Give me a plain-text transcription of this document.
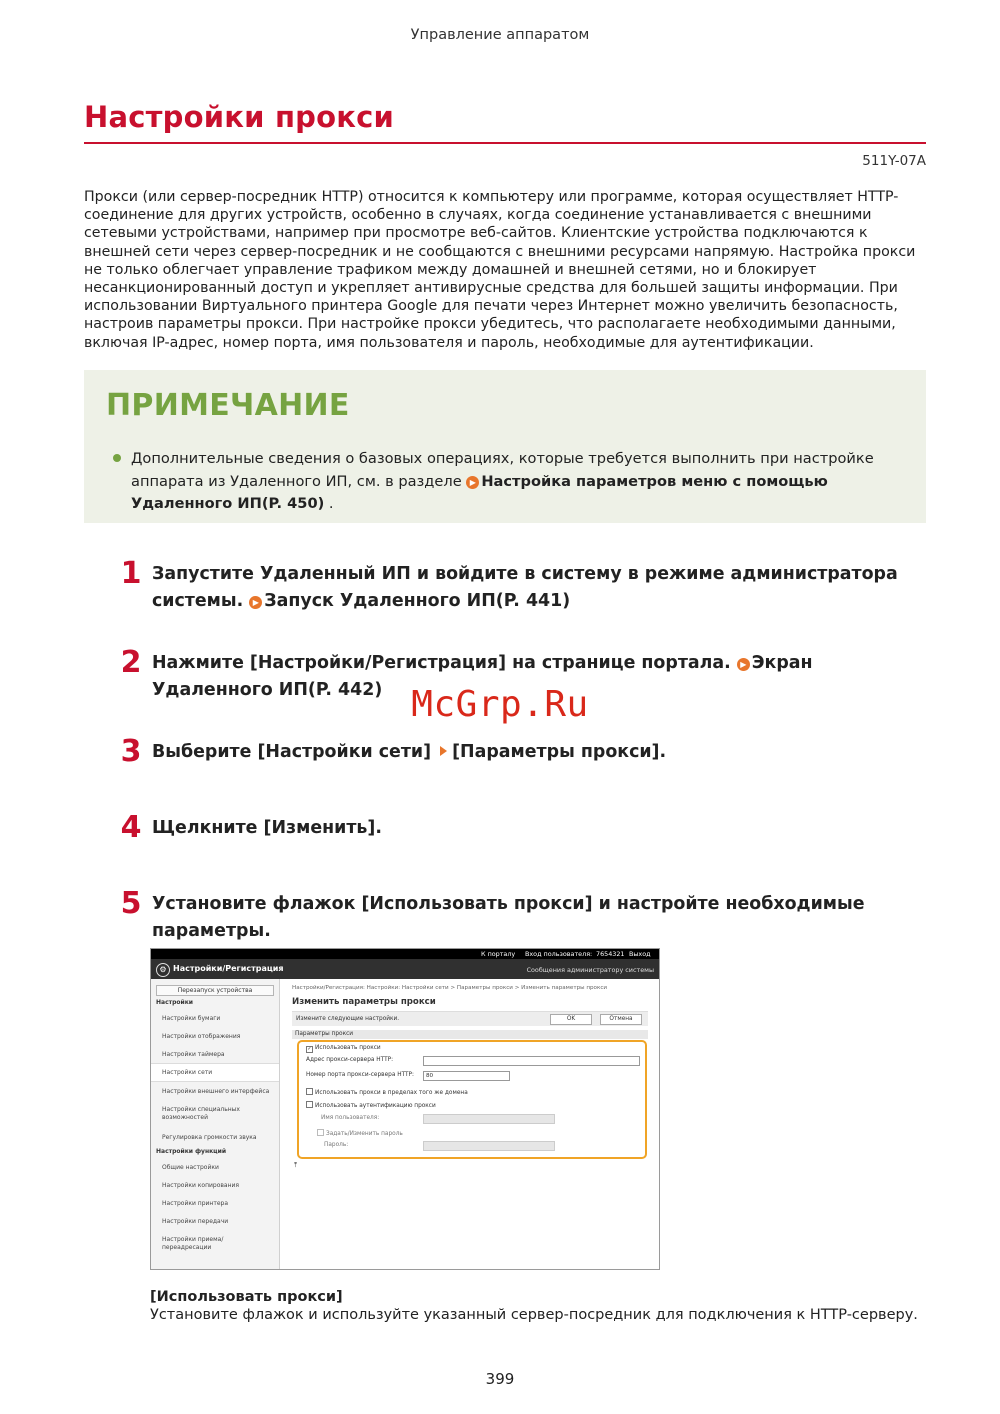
Управление аппаратом
Настройки прокси
511Y-07A
Прокси (или сервер-посредник HTTP) относится к компьютеру или программе, которая осуществляет HTTP-соединение для других устройств, особенно в случаях, когда соединение устанавливается с внешними сетевыми устройствами, например при просмотре веб-сайтов. Клиентские устройства подключаются к внешней сети через сервер-посредник и не сообщаются с внешними ресурсами напрямую. Настройка прокси не только облегчает управление трафиком между домашней и внешней сетями, но и блокирует несанкционированный доступ и укрепляет антивирусные средства для большей защиты информации. При использовании Виртуального принтера Google для печати через Интернет можно увеличить безопасность, настроив параметры прокси. При настройке прокси убедитесь, что располагаете необходимыми данными, включая IP-адрес, номер порта, имя пользователя и пароль, необходимые для аутентификации.
ПРИМЕЧАНИЕ
Дополнительные сведения о базовых операциях, которые требуется выполнить при настройке аппарата из Удаленного ИП, см. в разделе ▶ Настройка параметров меню с помощью Удаленного ИП(P. 450) .
1 Запустите Удаленный ИП и войдите в систему в режиме администратора системы. ▶ Запуск Удаленного ИП(P. 441)
2 Нажмите [Настройки/Регистрация] на странице портала. ▶ Экран Удаленного ИП(P. 442) McGrp.Ru
3 Выберите [Настройки сети] [Параметры прокси].
4 Щелкните [Изменить].
5 Установите флажок [Использовать прокси] и настройте необходимые параметры.
К порталу Вход пользователя: 7654321 Выход
⚙ Настройки/Регистрация	Сообщения администратору системы
Перезапуск устройства
Настройки
Настройки бумаги
Настройки отображения
Настройки таймера
Настройки сети
Настройки внешнего интерфейса
Настройки специальных возможностей
Регулировка громкости звука
Настройки функций
Общие настройки
Настройки копирования
Настройки принтера
Настройки передачи
Настройки приема/переадресации
Настройки/Регистрация: Настройки: Настройки сети > Параметры прокси > Изменить параметры прокси
Изменить параметры прокси
Измените следующие настройки.	OK	Отмена
Параметры прокси
✓ Использовать прокси
Адрес прокси-сервера HTTP:
Номер порта прокси-сервера HTTP:	80
Использовать прокси в пределах того же домена
Использовать аутентификацию прокси
Имя пользователя:
Задать/Изменить пароль
Пароль:
⤒
[Использовать прокси]
Установите флажок и используйте указанный сервер-посредник для подключения к HTTP-серверу.
399
